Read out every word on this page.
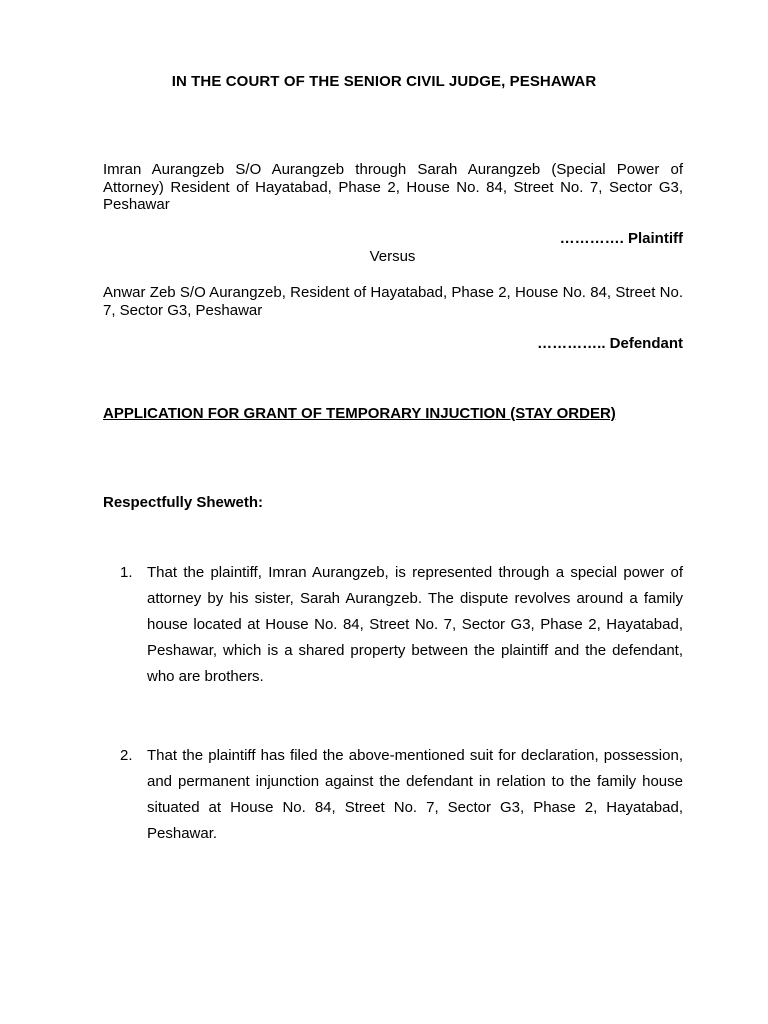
IN THE COURT OF THE SENIOR CIVIL JUDGE, PESHAWAR
Imran Aurangzeb S/O Aurangzeb through Sarah Aurangzeb (Special Power of Attorney) Resident of Hayatabad, Phase 2, House No. 84, Street No. 7, Sector G3, Peshawar
…………. Plaintiff
Versus
Anwar Zeb S/O Aurangzeb, Resident of Hayatabad, Phase 2, House No. 84, Street No. 7, Sector G3, Peshawar
………….. Defendant
APPLICATION FOR GRANT OF TEMPORARY INJUCTION (STAY ORDER)
Respectfully Sheweth:
1. That the plaintiff, Imran Aurangzeb, is represented through a special power of attorney by his sister, Sarah Aurangzeb. The dispute revolves around a family house located at House No. 84, Street No. 7, Sector G3, Phase 2, Hayatabad, Peshawar, which is a shared property between the plaintiff and the defendant, who are brothers.
2. That the plaintiff has filed the above-mentioned suit for declaration, possession, and permanent injunction against the defendant in relation to the family house situated at House No. 84, Street No. 7, Sector G3, Phase 2, Hayatabad, Peshawar.
